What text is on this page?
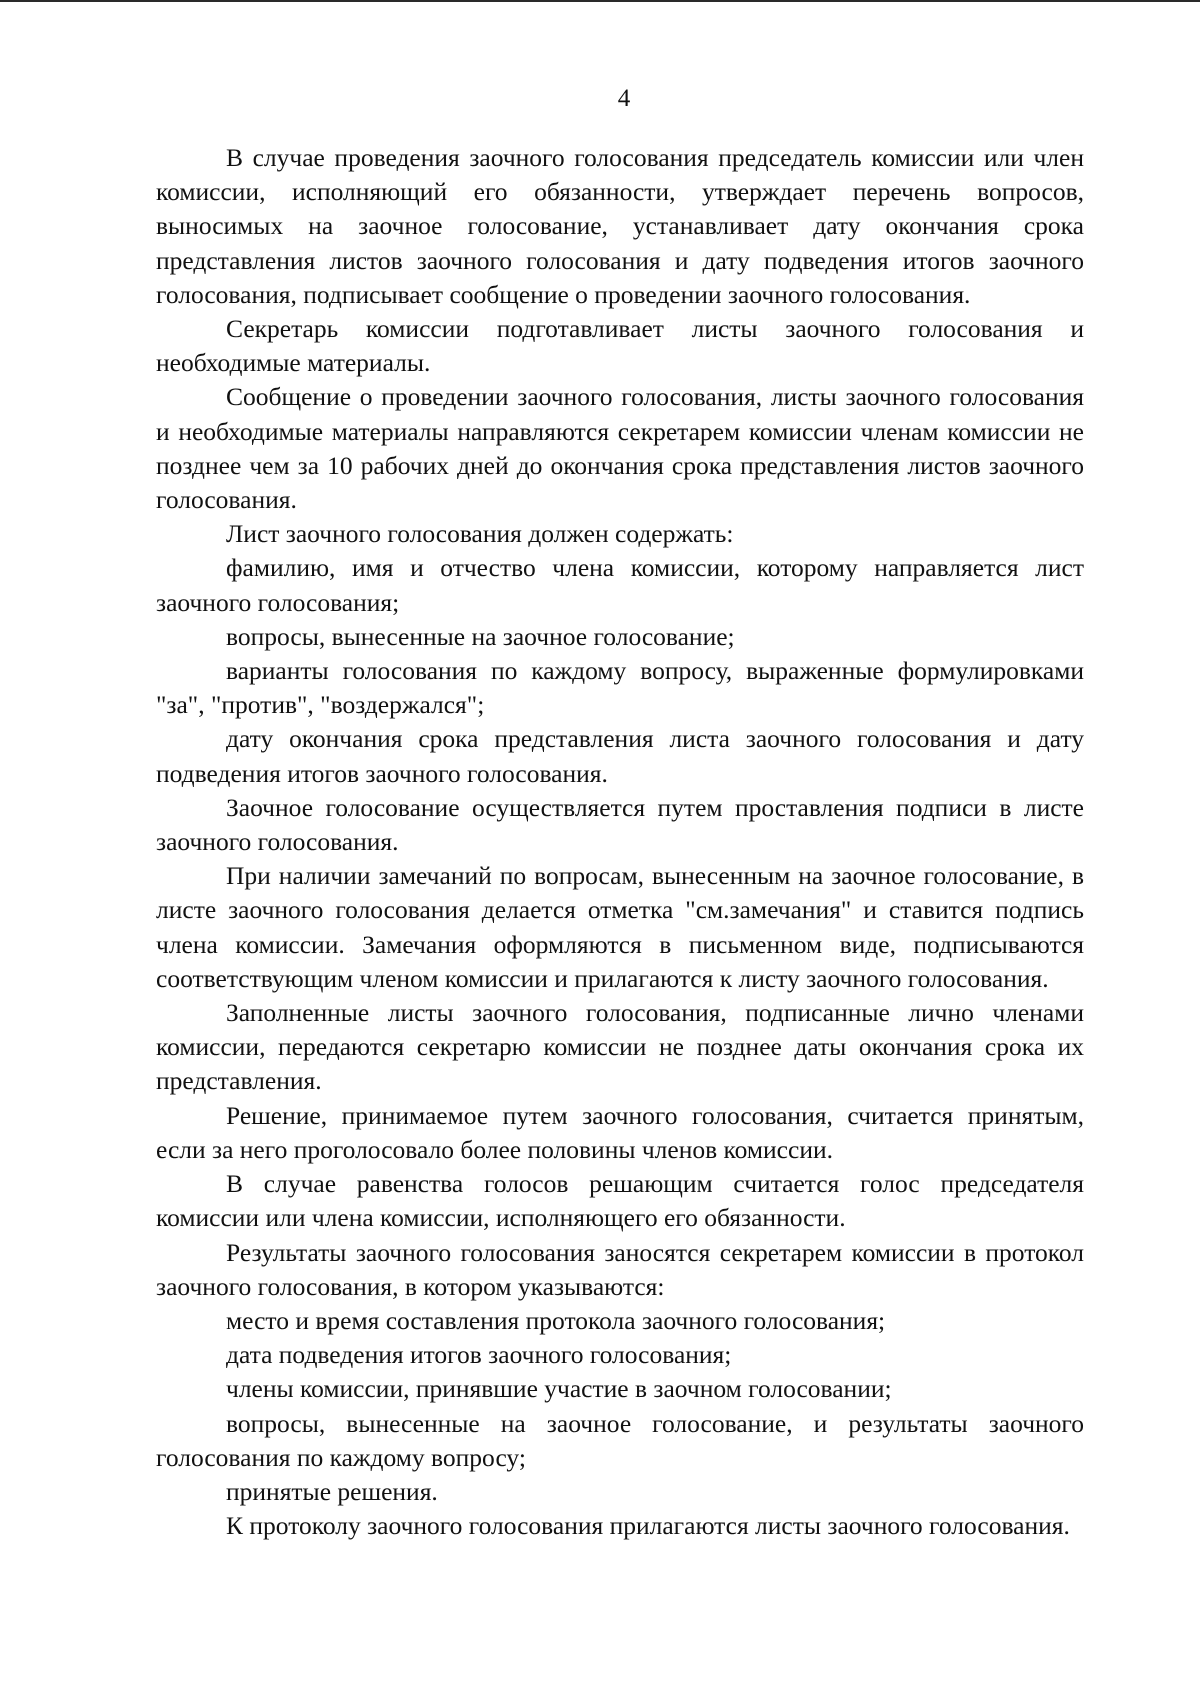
4

В случае проведения заочного голосования председатель комиссии или член комиссии, исполняющий его обязанности, утверждает перечень вопросов, выносимых на заочное голосование, устанавливает дату окончания срока представления листов заочного голосования и дату подведения итогов заочного голосования, подписывает сообщение о проведении заочного голосования.

Секретарь комиссии подготавливает листы заочного голосования и необходимые материалы.

Сообщение о проведении заочного голосования, листы заочного голосования и необходимые материалы направляются секретарем комиссии членам комиссии не позднее чем за 10 рабочих дней до окончания срока представления листов заочного голосования.

Лист заочного голосования должен содержать:

фамилию, имя и отчество члена комиссии, которому направляется лист заочного голосования;

вопросы, вынесенные на заочное голосование;

варианты голосования по каждому вопросу, выраженные формулировками "за", "против", "воздержался";

дату окончания срока представления листа заочного голосования и дату подведения итогов заочного голосования.

Заочное голосование осуществляется путем проставления подписи в листе заочного голосования.

При наличии замечаний по вопросам, вынесенным на заочное голосование, в листе заочного голосования делается отметка "см.замечания" и ставится подпись члена комиссии. Замечания оформляются в письменном виде, подписываются соответствующим членом комиссии и прилагаются к листу заочного голосования.

Заполненные листы заочного голосования, подписанные лично членами комиссии, передаются секретарю комиссии не позднее даты окончания срока их представления.

Решение, принимаемое путем заочного голосования, считается принятым, если за него проголосовало более половины членов комиссии.

В случае равенства голосов решающим считается голос председателя комиссии или члена комиссии, исполняющего его обязанности.

Результаты заочного голосования заносятся секретарем комиссии в протокол заочного голосования, в котором указываются:

место и время составления протокола заочного голосования;

дата подведения итогов заочного голосования;

члены комиссии, принявшие участие в заочном голосовании;

вопросы, вынесенные на заочное голосование, и результаты заочного голосования по каждому вопросу;

принятые решения.

К протоколу заочного голосования прилагаются листы заочного голосования.
